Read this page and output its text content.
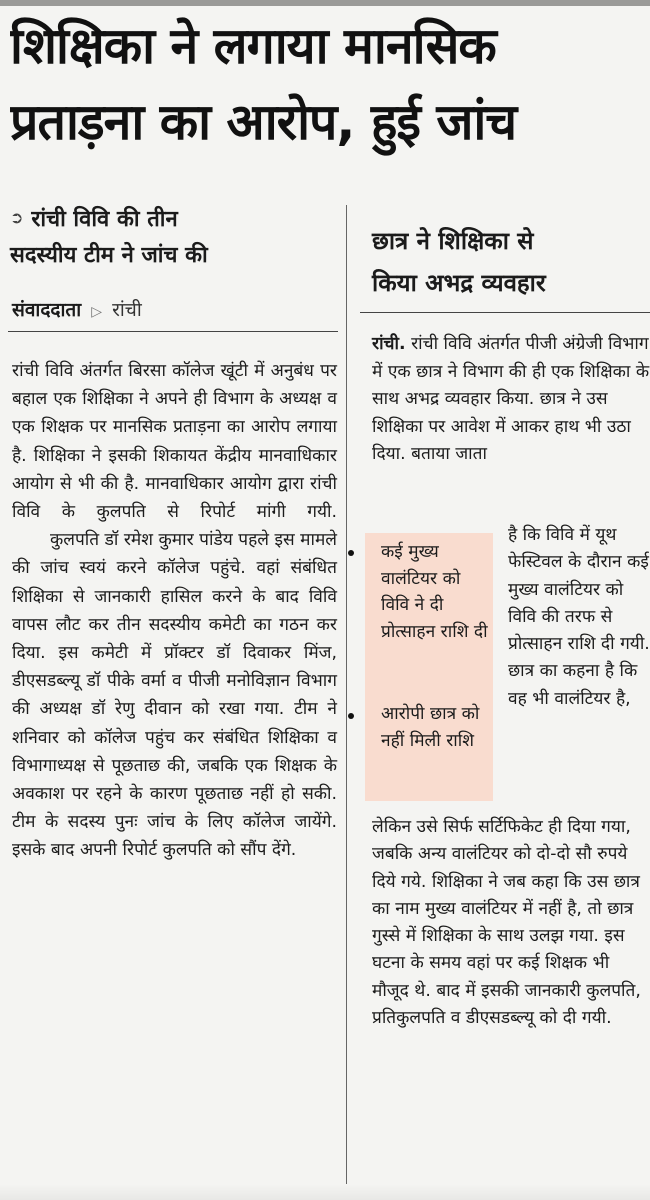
शिक्षिका ने लगाया मानसिक
प्रताड़ना का आरोप, हुई जांच
➲ रांची विवि की तीन
सदस्यीय टीम ने जांच की
संवाददाता ▷ रांची

रांची विवि अंतर्गत बिरसा कॉलेज खूंटी में अनुबंध पर बहाल एक शिक्षिका ने अपने ही विभाग के अध्यक्ष व एक शिक्षक पर मानसिक प्रताड़ना का आरोप लगाया है. शिक्षिका ने इसकी शिकायत केंद्रीय मानवाधिकार आयोग से भी की है. मानवाधिकार आयोग द्वारा रांची विवि के कुलपति से रिपोर्ट मांगी गयी.

कुलपति डॉ रमेश कुमार पांडेय पहले इस मामले की जांच स्वयं करने कॉलेज पहुंचे. वहां संबंधित शिक्षिका से जानकारी हासिल करने के बाद विवि वापस लौट कर तीन सदस्यीय कमेटी का गठन कर दिया. इस कमेटी में प्रॉक्टर डॉ दिवाकर मिंज, डीएसडब्ल्यू डॉ पीके वर्मा व पीजी मनोविज्ञान विभाग की अध्यक्ष डॉ रेणु दीवान को रखा गया. टीम ने शनिवार को कॉलेज पहुंच कर संबंधित शिक्षिका व विभागाध्यक्ष से पूछताछ की, जबकि एक शिक्षक के अवकाश पर रहने के कारण पूछताछ नहीं हो सकी. टीम के सदस्य पुनः जांच के लिए कॉलेज जायेंगे. इसके बाद अपनी रिपोर्ट कुलपति को सौंप देंगे.

छात्र ने शिक्षिका से
किया अभद्र व्यवहार
रांची. रांची विवि अंतर्गत पीजी अंग्रेजी विभाग में एक छात्र ने विभाग की ही एक शिक्षिका के साथ अभद्र व्यवहार किया. छात्र ने उस शिक्षिका पर आवेश में आकर हाथ भी उठा दिया. बताया जाता
कई मुख्य वालंटियर को विवि ने दी प्रोत्साहन राशि दी
आरोपी छात्र को नहीं मिली राशि
है कि विवि में यूथ फेस्टिवल के दौरान कई मुख्य वालंटियर को विवि की तरफ से प्रोत्साहन राशि दी गयी. छात्र का कहना है कि वह भी वालंटियर है,
लेकिन उसे सिर्फ सर्टिफिकेट ही दिया गया, जबकि अन्य वालंटियर को दो-दो सौ रुपये दिये गये. शिक्षिका ने जब कहा कि उस छात्र का नाम मुख्य वालंटियर में नहीं है, तो छात्र गुस्से में शिक्षिका के साथ उलझ गया. इस घटना के समय वहां पर कई शिक्षक भी मौजूद थे. बाद में इसकी जानकारी कुलपति, प्रतिकुलपति व डीएसडब्ल्यू को दी गयी.
